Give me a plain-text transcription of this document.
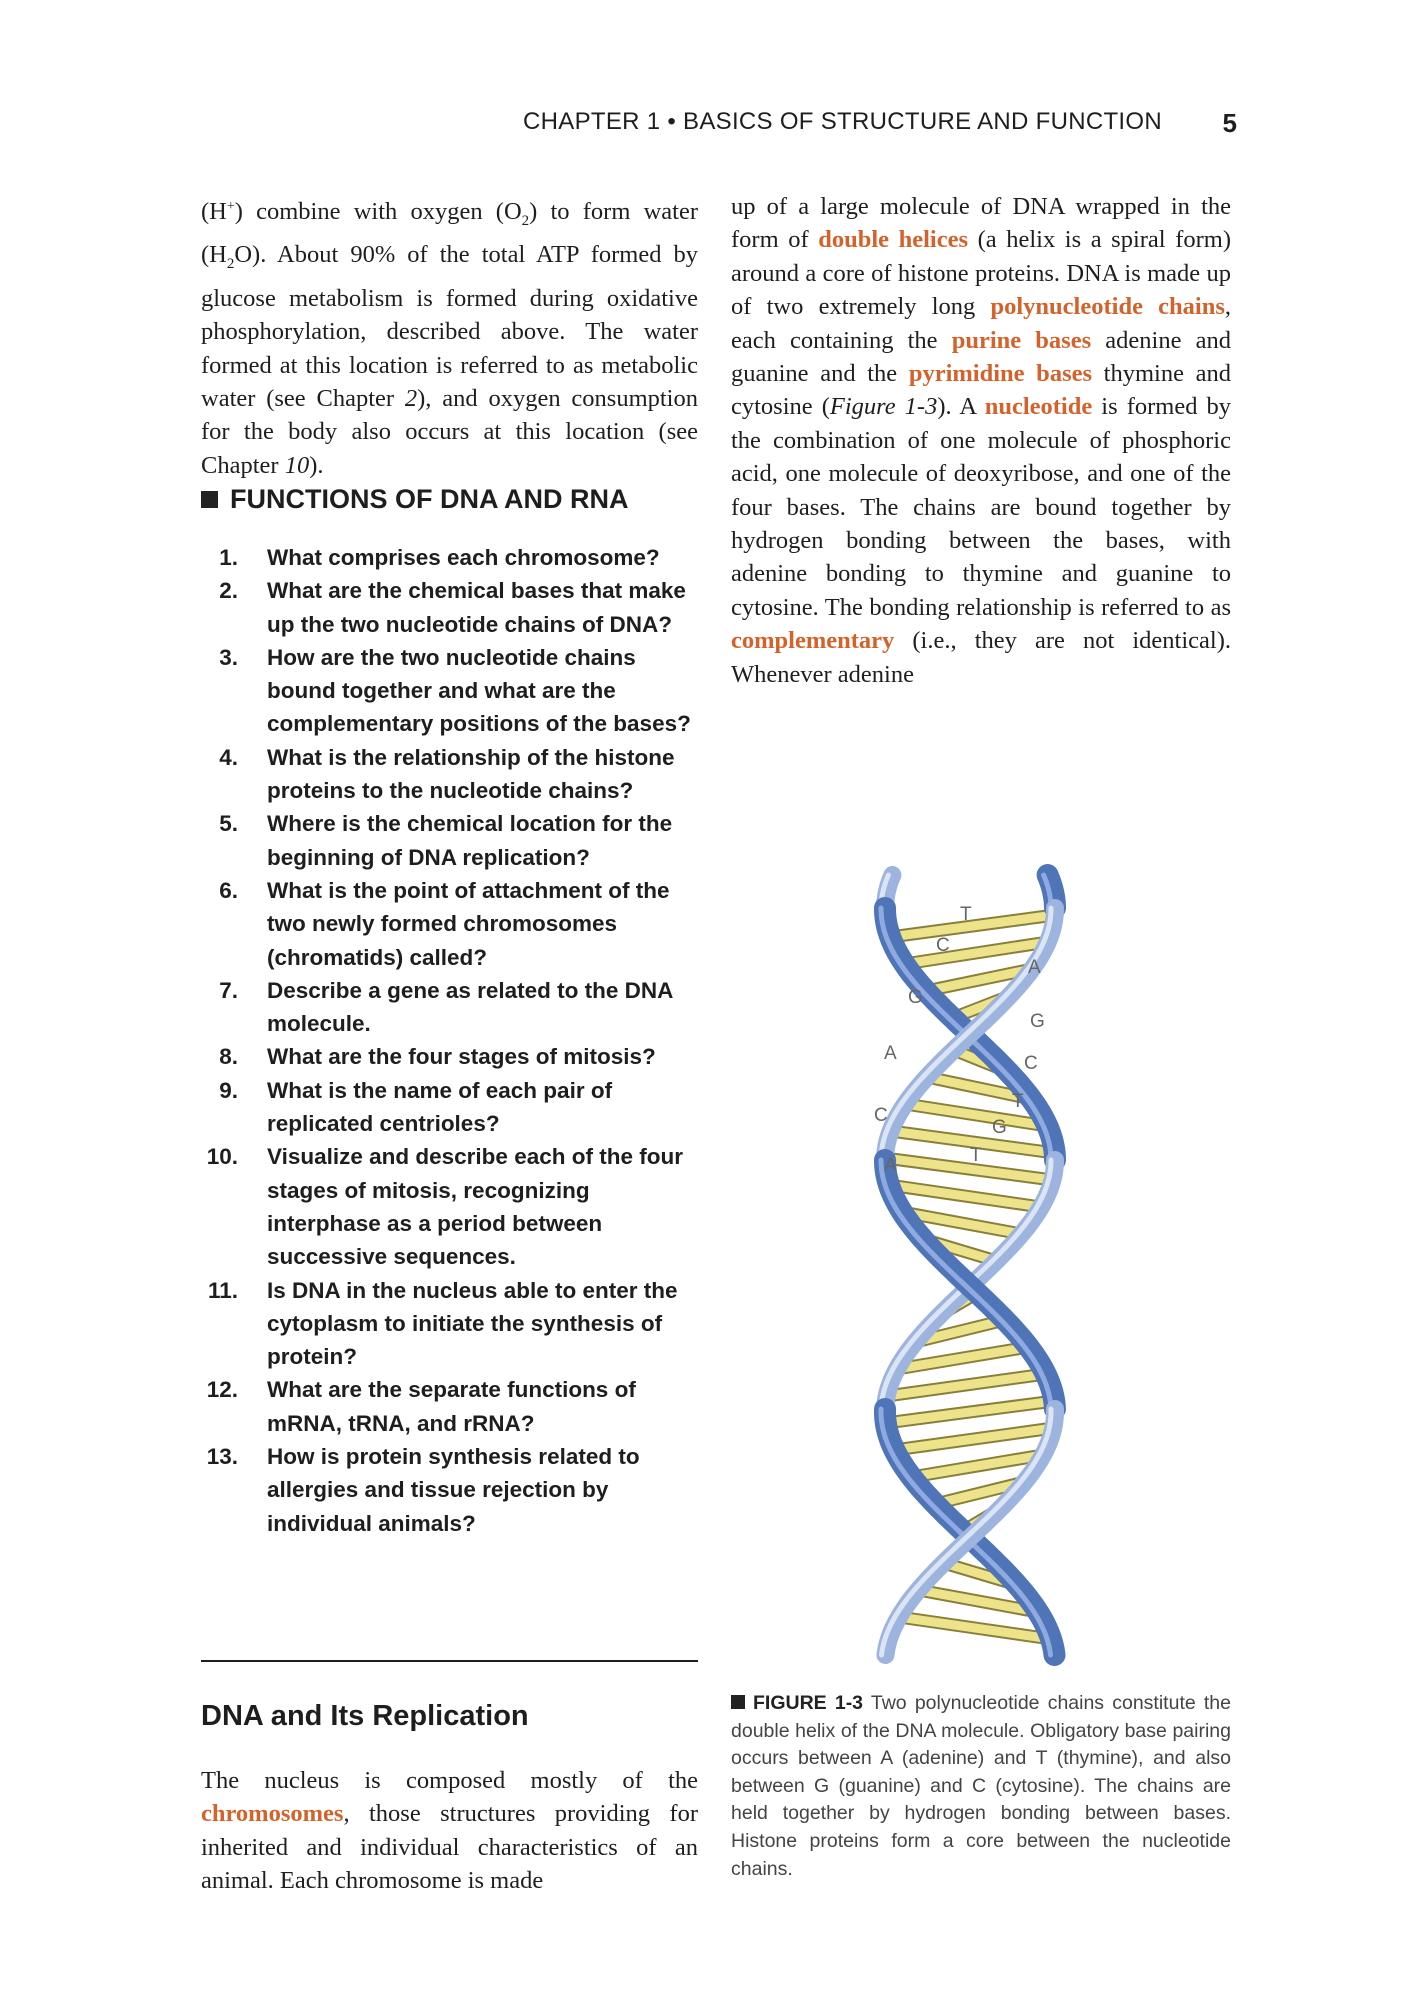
CHAPTER 1 • BASICS OF STRUCTURE AND FUNCTION	5

(H+) combine with oxygen $(O_2)$ to form water $(H_2O)$. About 90% of the total ATP formed by glucose metabolism is formed during oxidative phosphorylation, described above. The water formed at this location is referred to as metabolic water (see Chapter 2), and oxygen consumption for the body also occurs at this location (see Chapter 10).

FUNCTIONS OF DNA AND RNA
1. What comprises each chromosome?
2. What are the chemical bases that make up the two nucleotide chains of DNA?
3. How are the two nucleotide chains bound together and what are the complementary positions of the bases?
4. What is the relationship of the histone proteins to the nucleotide chains?
5. Where is the chemical location for the beginning of DNA replication?
6. What is the point of attachment of the two newly formed chromosomes (chromatids) called?
7. Describe a gene as related to the DNA molecule.
8. What are the four stages of mitosis?
9. What is the name of each pair of replicated centrioles?
10. Visualize and describe each of the four stages of mitosis, recognizing interphase as a period between successive sequences.
11. Is DNA in the nucleus able to enter the cytoplasm to initiate the synthesis of protein?
12. What are the separate functions of mRNA, tRNA, and rRNA?
13. How is protein synthesis related to allergies and tissue rejection by individual animals?
DNA and Its Replication

The nucleus is composed mostly of the chromosomes, those structures providing for inherited and individual characteristics of an animal. Each chromosome is made

up of a large molecule of DNA wrapped in the form of double helices (a helix is a spiral form) around a core of histone proteins. DNA is made up of two extremely long polynucleotide chains, each containing the purine bases adenine and guanine and the pyrimidine bases thymine and cytosine (Figure 1-3). A nucleotide is formed by the combination of one molecule of phosphoric acid, one molecule of deoxyribose, and one of the four bases. The chains are bound together by hydrogen bonding between the bases, with adenine bonding to thymine and guanine to cytosine. The bonding relationship is referred to as complementary (i.e., they are not identical). Whenever adenine

T
C
G
A
C
A
A
G
C
T
G
T

FIGURE 1-3 Two polynucleotide chains constitute the double helix of the DNA molecule. Obligatory base pairing occurs between A (adenine) and T (thymine), and also between G (guanine) and C (cytosine). The chains are held together by hydrogen bonding between bases. Histone proteins form a core between the nucleotide chains.
